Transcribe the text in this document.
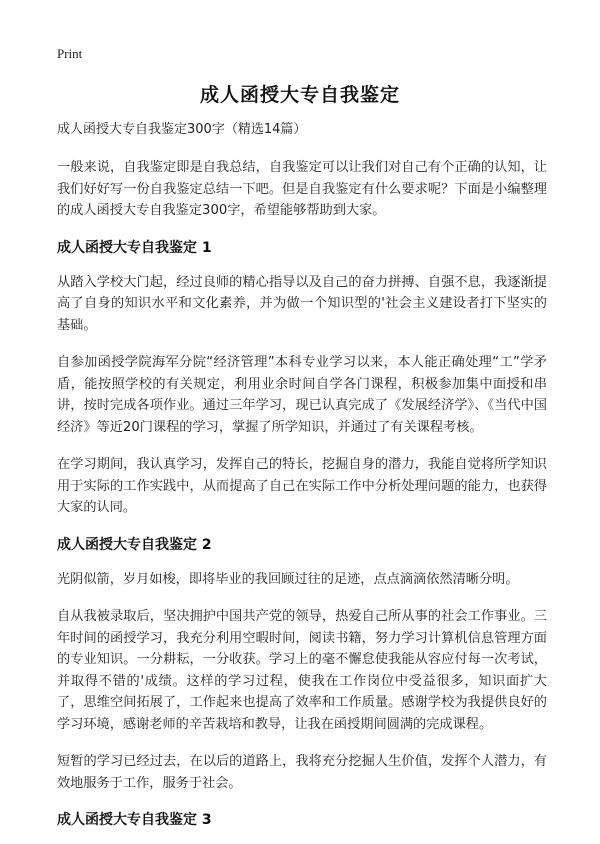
Print
成人函授大专自我鉴定
成人函授大专自我鉴定300字（精选14篇）

一般来说，自我鉴定即是自我总结，自我鉴定可以让我们对自己有个正确的认知，让我们好好写一份自我鉴定总结一下吧。但是自我鉴定有什么要求呢？下面是小编整理的成人函授大专自我鉴定300字，希望能够帮助到大家。

成人函授大专自我鉴定 1

从踏入学校大门起，经过良师的精心指导以及自己的奋力拼搏、自强不息，我逐渐提高了自身的知识水平和文化素养，并为做一个知识型的'社会主义建设者打下坚实的基础。

自参加函授学院海军分院“经济管理”本科专业学习以来，本人能正确处理“工”学矛盾，能按照学校的有关规定，利用业余时间自学各门课程，积极参加集中面授和串讲，按时完成各项作业。通过三年学习，现已认真完成了《发展经济学》、《当代中国经济》等近20门课程的学习，掌握了所学知识，并通过了有关课程考核。

在学习期间，我认真学习，发挥自己的特长，挖掘自身的潜力，我能自觉将所学知识用于实际的工作实践中，从而提高了自己在实际工作中分析处理问题的能力，也获得大家的认同。

成人函授大专自我鉴定 2

光阴似箭，岁月如梭，即将毕业的我回顾过往的足迹，点点滴滴依然清晰分明。

自从我被录取后，坚决拥护中国共产党的领导，热爱自己所从事的社会工作事业。三年时间的函授学习，我充分利用空暇时间，阅读书籍，努力学习计算机信息管理方面的专业知识。一分耕耘，一分收获。学习上的毫不懈怠使我能从容应付每一次考试，并取得不错的'成绩。这样的学习过程，使我在工作岗位中受益很多，知识面扩大了，思维空间拓展了，工作起来也提高了效率和工作质量。感谢学校为我提供良好的学习环境，感谢老师的辛苦栽培和教导，让我在函授期间圆满的完成课程。

短暂的学习已经过去，在以后的道路上，我将充分挖掘人生价值，发挥个人潜力，有效地服务于工作，服务于社会。

成人函授大专自我鉴定 3
